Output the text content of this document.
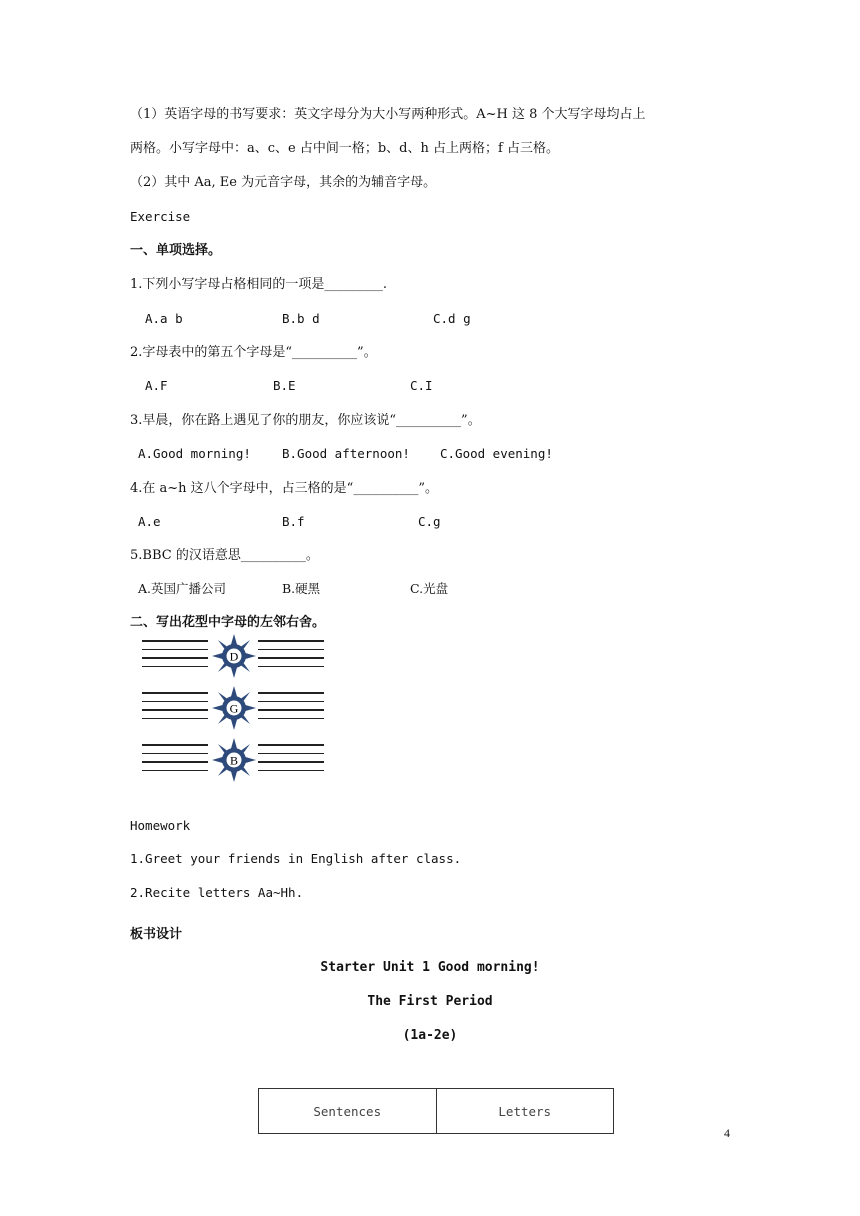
（1）英语字母的书写要求：英文字母分为大小写两种形式。A~H 这 8 个大写字母均占上
两格。小写字母中：a、c、e 占中间一格；b、d、h 占上两格；f 占三格。
（2）其中 Aa, Ee 为元音字母，其余的为辅音字母。
Exercise
一、单项选择。
1.下列小写字母占格相同的一项是_________.
A.a b	B.b d	C.d g
2.字母表中的第五个字母是“__________”。
A.F	B.E	C.I
3.早晨，你在路上遇见了你的朋友，你应该说“__________”。
A.Good morning! B.Good afternoon! C.Good evening!
4.在 a~h 这八个字母中，占三格的是“__________”。
A.e	B.f	C.g
5.BBC 的汉语意思__________。
A.英国广播公司	B.硬黑	C.光盘
二、写出花型中字母的左邻右舍。
D
G
B
Homework
1.Greet your friends in English after class.
2.Recite letters Aa~Hh.
板书设计
Starter Unit 1 Good morning!
The First Period
(1a-2e)
Sentences	Letters
4
